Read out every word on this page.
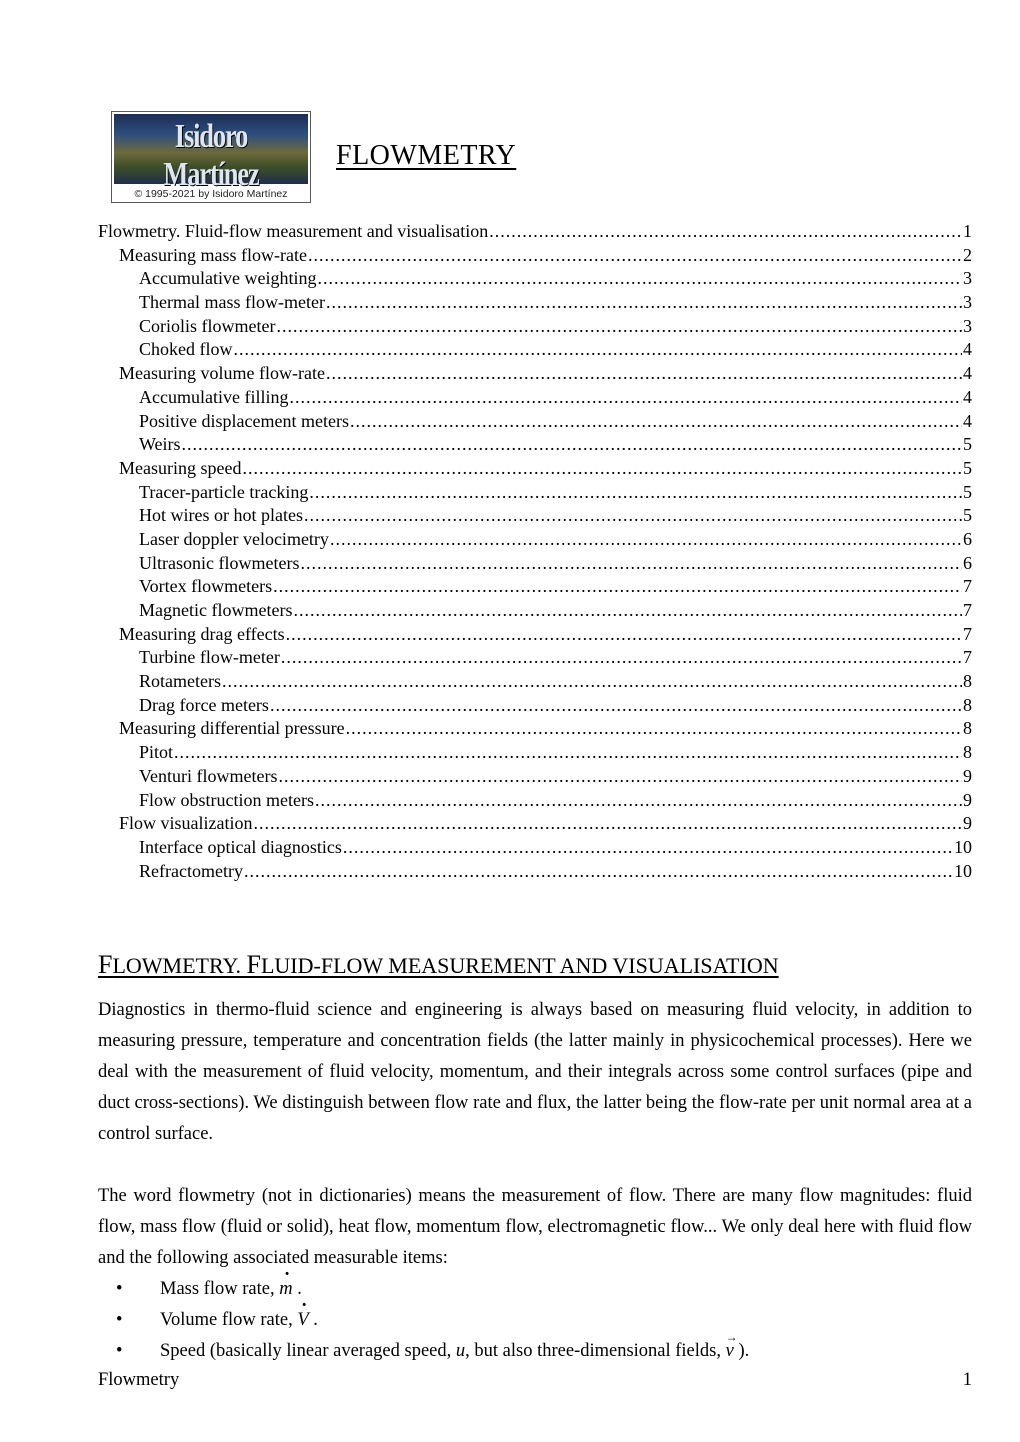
Isidoro Martínez
© 1995-2021 by Isidoro Martínez
FLOWMETRY
Flowmetry. Fluid-flow measurement and visualisation .....	1
Measuring mass flow-rate .....	2
Accumulative weighting .....	3
Thermal mass flow-meter .....	3
Coriolis flowmeter .....	3
Choked flow .....	4
Measuring volume flow-rate .....	4
Accumulative filling .....	4
Positive displacement meters .....	4
Weirs .....	5
Measuring speed .....	5
Tracer-particle tracking .....	5
Hot wires or hot plates .....	5
Laser doppler velocimetry .....	6
Ultrasonic flowmeters .....	6
Vortex flowmeters .....	7
Magnetic flowmeters .....	7
Measuring drag effects .....	7
Turbine flow-meter .....	7
Rotameters .....	8
Drag force meters .....	8
Measuring differential pressure .....	8
Pitot .....	8
Venturi flowmeters .....	9
Flow obstruction meters .....	9
Flow visualization .....	9
Interface optical diagnostics .....	10
Refractometry .....	10
FLOWMETRY. FLUID-FLOW MEASUREMENT AND VISUALISATION

Diagnostics in thermo-fluid science and engineering is always based on measuring fluid velocity, in addition to measuring pressure, temperature and concentration fields (the latter mainly in physicochemical processes). Here we deal with the measurement of fluid velocity, momentum, and their integrals across some control surfaces (pipe and duct cross-sections). We distinguish between flow rate and flux, the latter being the flow-rate per unit normal area at a control surface.

The word flowmetry (not in dictionaries) means the measurement of flow. There are many flow magnitudes: fluid flow, mass flow (fluid or solid), heat flow, momentum flow, electromagnetic flow... We only deal here with fluid flow and the following associated measurable items:

• Mass flow rate, · m .
• Volume flow rate, · V .
• Speed (basically linear averaged speed, u, but also three-dimensional fields, → v ).
Flowmetry	1
